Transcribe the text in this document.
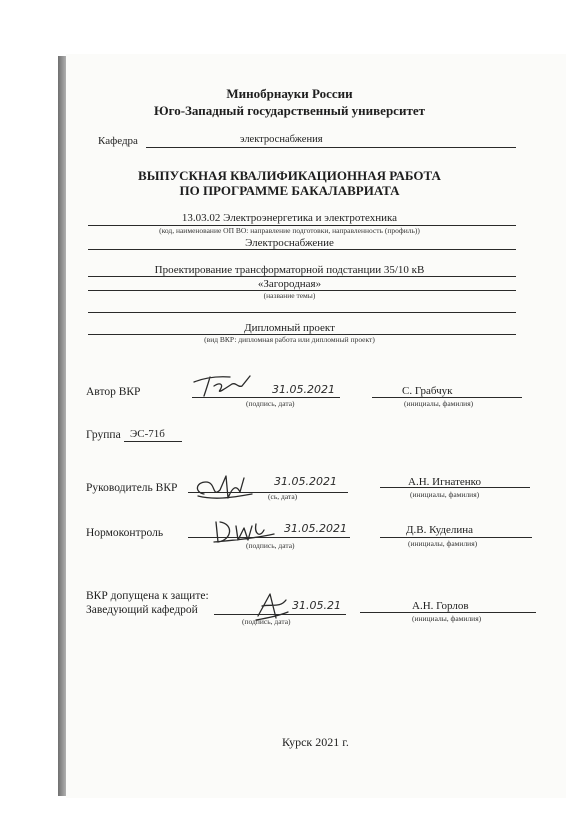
Минобрнауки России
Юго-Западный государственный университет
Кафедра	электроснабжения
ВЫПУСКНАЯ КВАЛИФИКАЦИОННАЯ РАБОТА
ПО ПРОГРАММЕ БАКАЛАВРИАТА
13.03.02 Электроэнергетика и электротехника
(код, наименование ОП ВО: направление подготовки, направленность (профиль))
Электроснабжение
Проектирование трансформаторной подстанции 35/10 кВ
«Загородная»
(название темы)
Дипломный проект
(вид ВКР: дипломная работа или дипломный проект)
Автор ВКР	31.05.2021
(подпись, дата)
С. Грабчук
(инициалы, фамилия)
Группа ЭС-71б
Руководитель ВКР	31.05.2021
(сь, дата)
А.Н. Игнатенко
(инициалы, фамилия)
Нормоконтроль	31.05.2021
(подпись, дата)
Д.В. Куделина
(инициалы, фамилия)
ВКР допущена к защите:
Заведующий кафедрой	31.05.21
(подпись, дата)
А.Н. Горлов
(инициалы, фамилия)
Курск 2021 г.
